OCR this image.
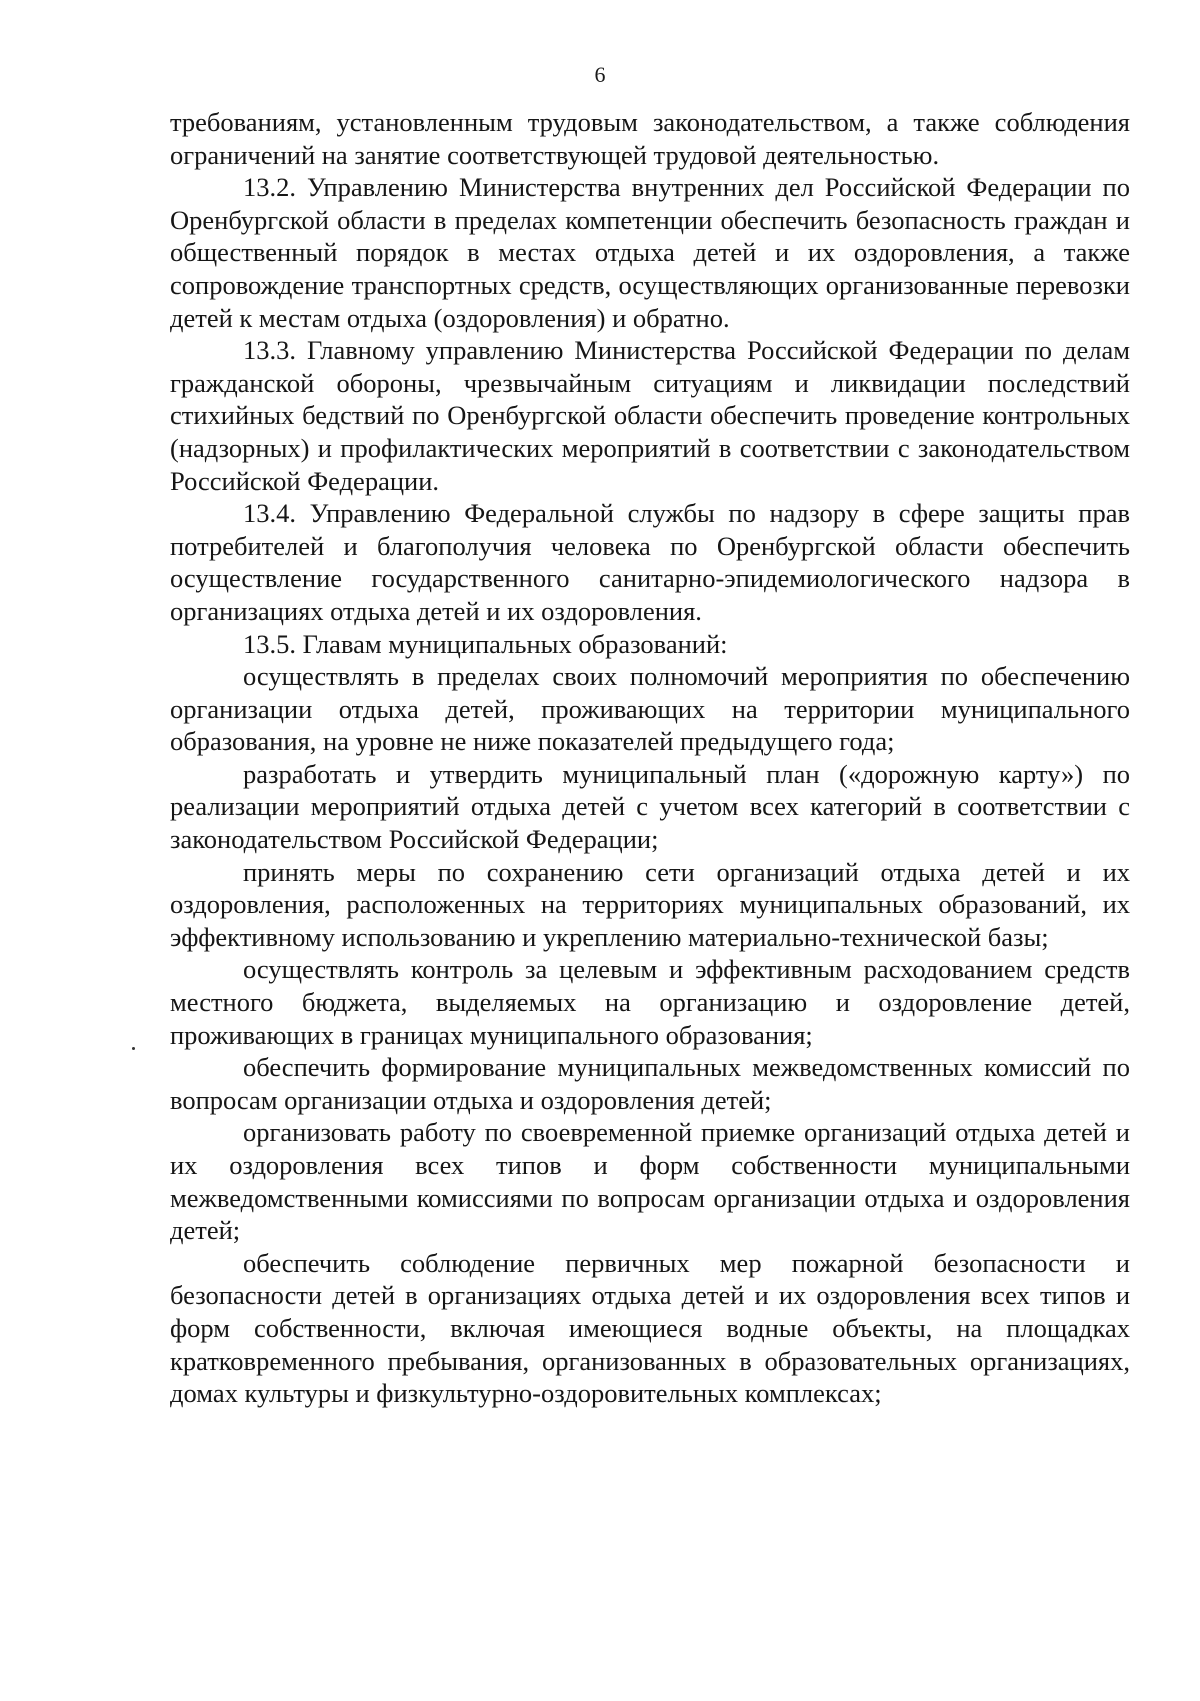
6

требованиям, установленным трудовым законодательством, а также соблюдения ограничений на занятие соответствующей трудовой деятельностью.

13.2. Управлению Министерства внутренних дел Российской Федерации по Оренбургской области в пределах компетенции обеспечить безопасность граждан и общественный порядок в местах отдыха детей и их оздоровления, а также сопровождение транспортных средств, осуществляющих организованные перевозки детей к местам отдыха (оздоровления) и обратно.

13.3. Главному управлению Министерства Российской Федерации по делам гражданской обороны, чрезвычайным ситуациям и ликвидации последствий стихийных бедствий по Оренбургской области обеспечить проведение контрольных (надзорных) и профилактических мероприятий в соответствии с законодательством Российской Федерации.

13.4. Управлению Федеральной службы по надзору в сфере защиты прав потребителей и благополучия человека по Оренбургской области обеспечить осуществление государственного санитарно-эпидемиологического надзора в организациях отдыха детей и их оздоровления.

13.5. Главам муниципальных образований:

осуществлять в пределах своих полномочий мероприятия по обеспечению организации отдыха детей, проживающих на территории муниципального образования, на уровне не ниже показателей предыдущего года;

разработать и утвердить муниципальный план («дорожную карту») по реализации мероприятий отдыха детей с учетом всех категорий в соответствии с законодательством Российской Федерации;

принять меры по сохранению сети организаций отдыха детей и их оздоровления, расположенных на территориях муниципальных образований, их эффективному использованию и укреплению материально-технической базы;

осуществлять контроль за целевым и эффективным расходованием средств местного бюджета, выделяемых на организацию и оздоровление детей, проживающих в границах муниципального образования;

обеспечить формирование муниципальных межведомственных комиссий по вопросам организации отдыха и оздоровления детей;

организовать работу по своевременной приемке организаций отдыха детей и их оздоровления всех типов и форм собственности муниципальными межведомственными комиссиями по вопросам организации отдыха и оздоровления детей;

обеспечить соблюдение первичных мер пожарной безопасности и безопасности детей в организациях отдыха детей и их оздоровления всех типов и форм собственности, включая имеющиеся водные объекты, на площадках кратковременного пребывания, организованных в образовательных организациях, домах культуры и физкультурно-оздоровительных комплексах;
